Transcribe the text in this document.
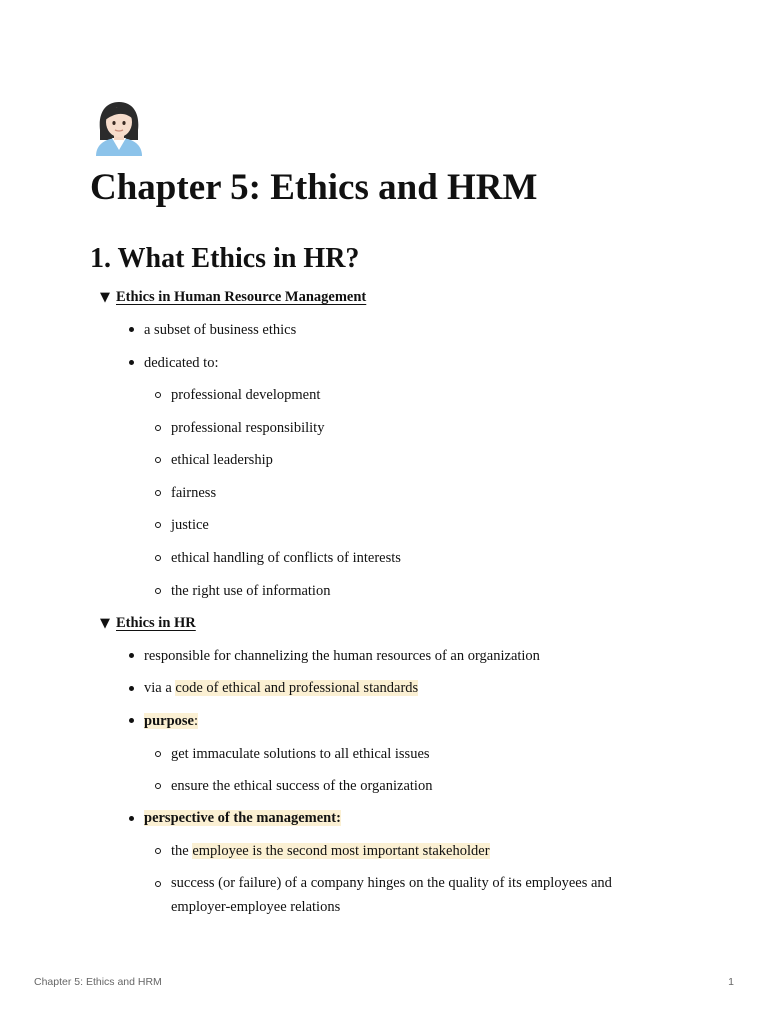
Chapter 5: Ethics and HRM
1. What Ethics in HR?
▼ Ethics in Human Resource Management
a subset of business ethics
dedicated to:
professional development
professional responsibility
ethical leadership
fairness
justice
ethical handling of conflicts of interests
the right use of information
▼ Ethics in HR
responsible for channelizing the human resources of an organization
via a code of ethical and professional standards
purpose:
get immaculate solutions to all ethical issues
ensure the ethical success of the organization
perspective of the management:
the employee is the second most important stakeholder
success (or failure) of a company hinges on the quality of its employees and employer-employee relations
Chapter 5: Ethics and HRM	1
